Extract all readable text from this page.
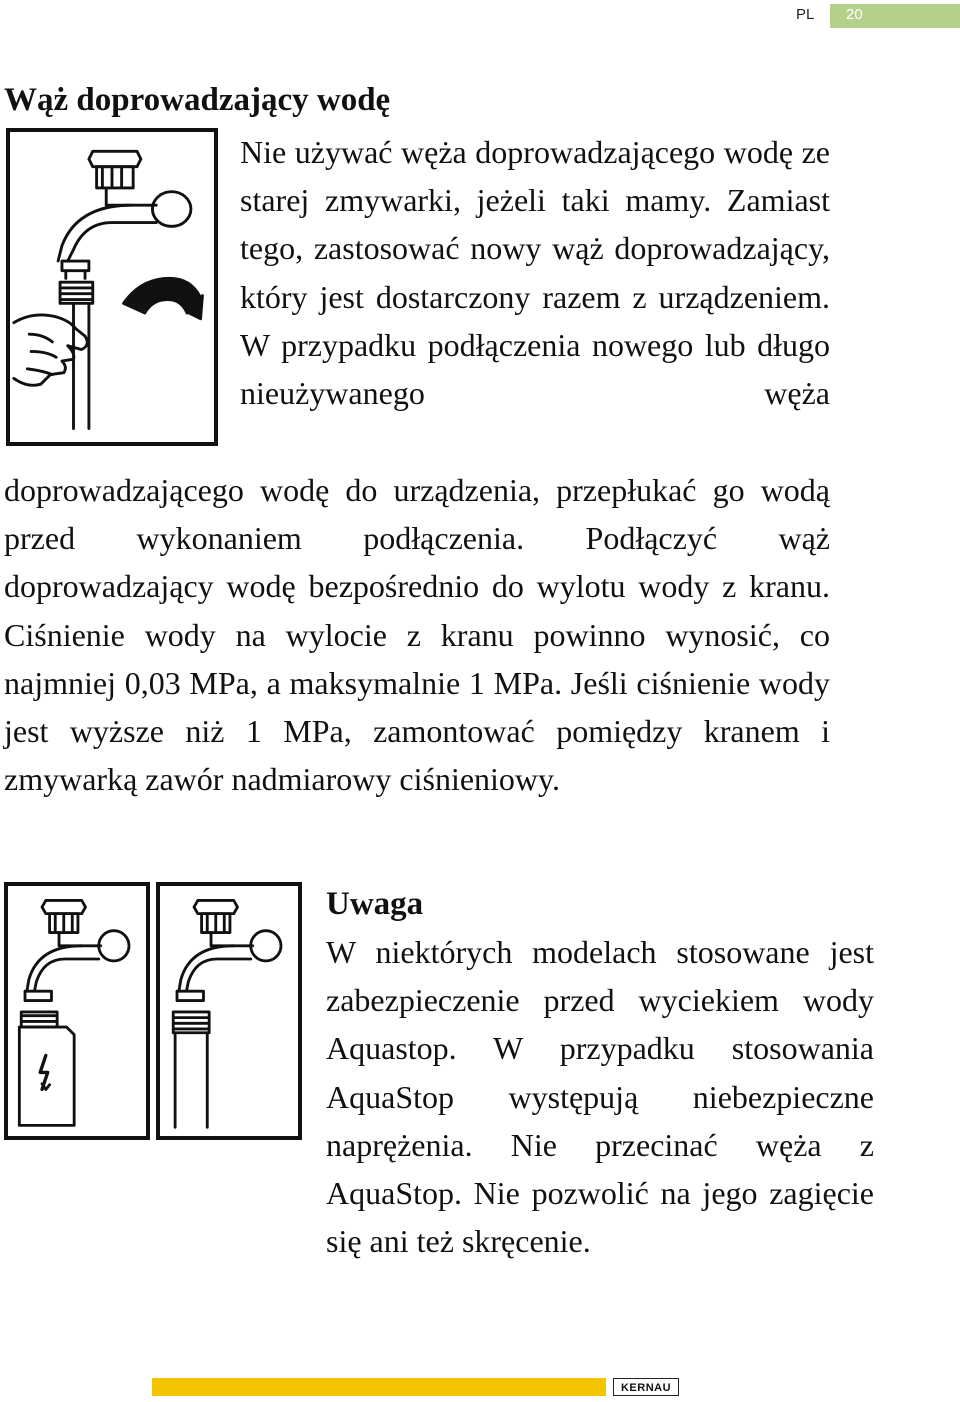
PL 20
Wąż doprowadzający wodę

Nie używać węża doprowadzającego wodę ze starej zmywarki, jeżeli taki mamy. Zamiast tego, zastosować nowy wąż doprowadzający, który jest dostarczony razem z urządzeniem. W przypadku podłączenia nowego lub długo nieużywanego węża

doprowadzającego wodę do urządzenia, przepłukać go wodą przed wykonaniem podłączenia. Podłączyć wąż doprowadzający wodę bezpośrednio do wylotu wody z kranu. Ciśnienie wody na wylocie z kranu powinno wynosić, co najmniej 0,03 MPa, a maksymalnie 1 MPa. Jeśli ciśnienie wody jest wyższe niż 1 MPa, zamontować pomiędzy kranem i zmywarką zawór nadmiarowy ciśnieniowy.

Uwaga

W niektórych modelach stosowane jest zabezpieczenie przed wyciekiem wody Aquastop. W przypadku stosowania AquaStop występują niebezpieczne naprężenia. Nie przecinać węża z AquaStop. Nie pozwolić na jego zagięcie się ani też skręcenie.

KERNAU
